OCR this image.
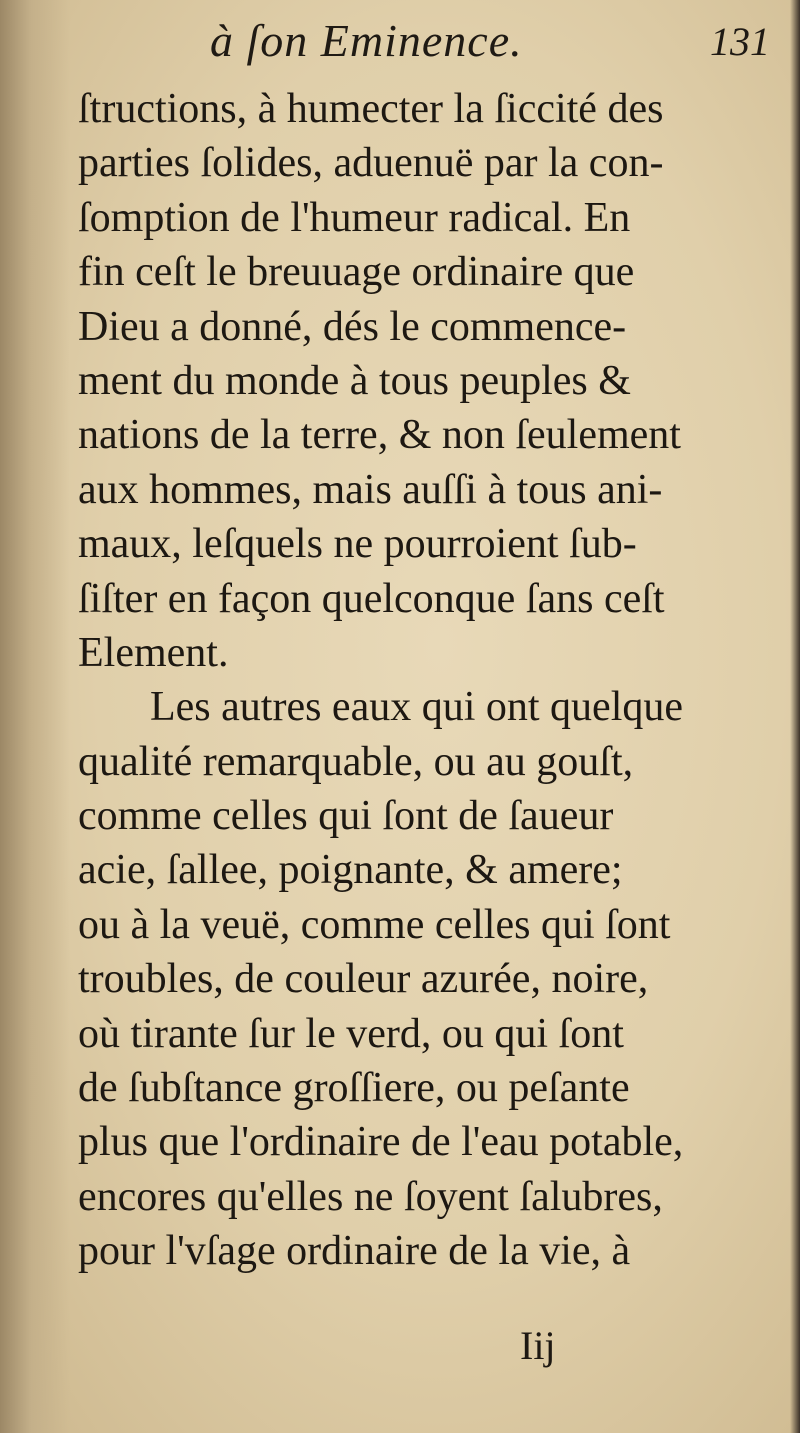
à ſon Eminence.	131
ſtructions, à humecter la ſiccité des
parties ſolides, aduenuë par la con-
ſomption de l'humeur radical. En
fin ceſt le breuuage ordinaire que
Dieu a donné, dés le commence-
ment du monde à tous peuples &
nations de la terre, & non ſeulement
aux hommes, mais auſſi à tous ani-
maux, leſquels ne pourroient ſub-
ſiſter en façon quelconque ſans ceſt
Element.
Les autres eaux qui ont quelque
qualité remarquable, ou au gouſt,
comme celles qui ſont de ſaueur
acie, ſallee, poignante, & amere;
ou à la veuë, comme celles qui ſont
troubles, de couleur azurée, noire,
où tirante ſur le verd, ou qui ſont
de ſubſtance groſſiere, ou peſante
plus que l'ordinaire de l'eau potable,
encores qu'elles ne ſoyent ſalubres,
pour l'vſage ordinaire de la vie, à
Iij
